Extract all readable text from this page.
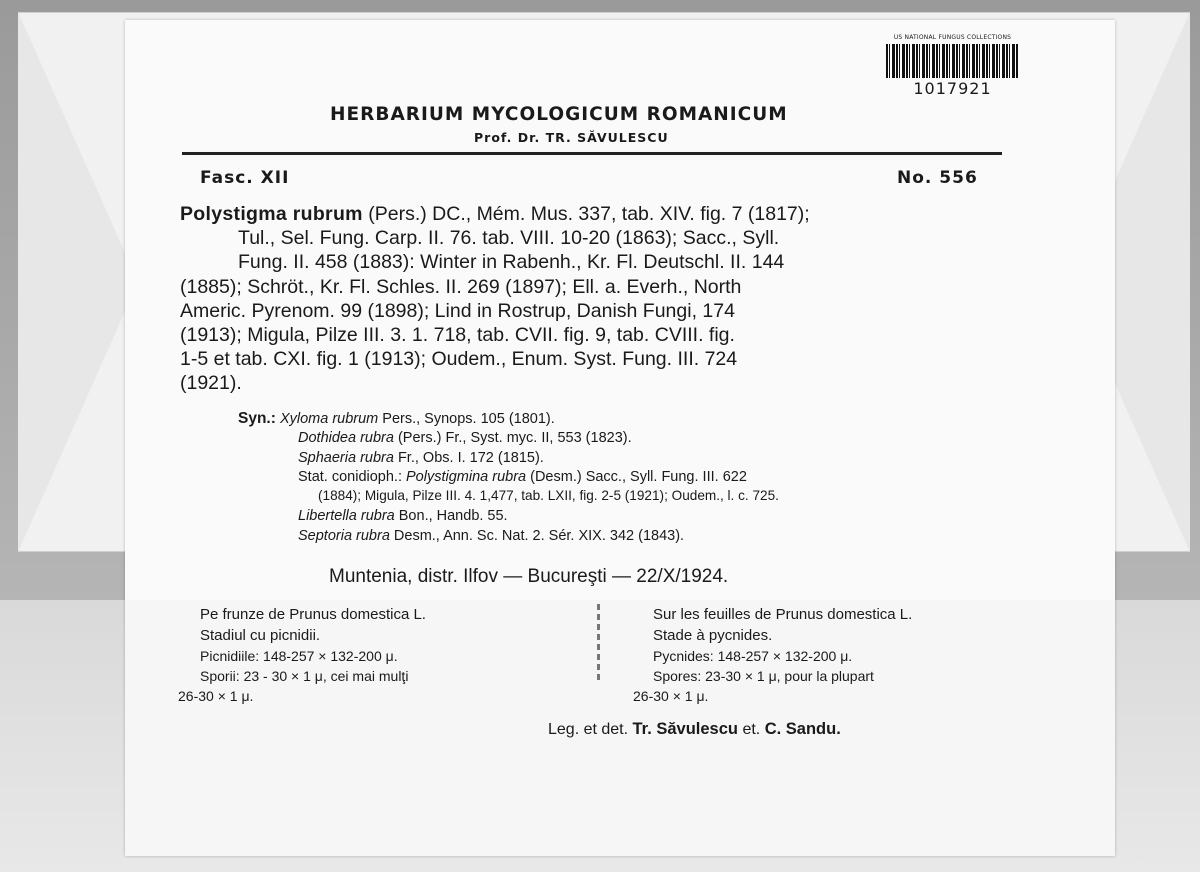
US NATIONAL FUNGUS COLLECTIONS
1017921
HERBARIUM MYCOLOGICUM ROMANICUM
Prof. Dr. TR. SĂVULESCU
Fasc. XII	No. 556
Polystigma rubrum (Pers.) DC., Mém. Mus. 337, tab. XIV. fig. 7 (1817);
Tul., Sel. Fung. Carp. II. 76. tab. VIII. 10-20 (1863); Sacc., Syll.
Fung. II. 458 (1883): Winter in Rabenh., Kr. Fl. Deutschl. II. 144
(1885); Schröt., Kr. Fl. Schles. II. 269 (1897); Ell. a. Everh., North
Americ. Pyrenom. 99 (1898); Lind in Rostrup, Danish Fungi, 174
(1913); Migula, Pilze III. 3. 1. 718, tab. CVII. fig. 9, tab. CVIII. fig.
1-5 et tab. CXI. fig. 1 (1913); Oudem., Enum. Syst. Fung. III. 724
(1921).
Syn.: Xyloma rubrum Pers., Synops. 105 (1801).
Dothidea rubra (Pers.) Fr., Syst. myc. II, 553 (1823).
Sphaeria rubra Fr., Obs. I. 172 (1815).
Stat. conidioph.: Polystigmina rubra (Desm.) Sacc., Syll. Fung. III. 622
(1884); Migula, Pilze III. 4. 1,477, tab. LXII, fig. 2-5 (1921); Oudem., l. c. 725.
Libertella rubra Bon., Handb. 55.
Septoria rubra Desm., Ann. Sc. Nat. 2. Sér. XIX. 342 (1843).
Muntenia, distr. Ilfov — Bucureşti — 22/X/1924.
Pe frunze de Prunus domestica L.
Stadiul cu picnidii.
Picnidiile: 148-257 × 132-200 μ.
Sporii: 23 - 30 × 1 μ, cei mai mulţi
26-30 × 1 μ.
Sur les feuilles de Prunus domestica L.
Stade à pycnides.
Pycnides: 148-257 × 132-200 μ.
Spores: 23-30 × 1 μ, pour la plupart
26-30 × 1 μ.
Leg. et det. Tr. Săvulescu et. C. Sandu.
